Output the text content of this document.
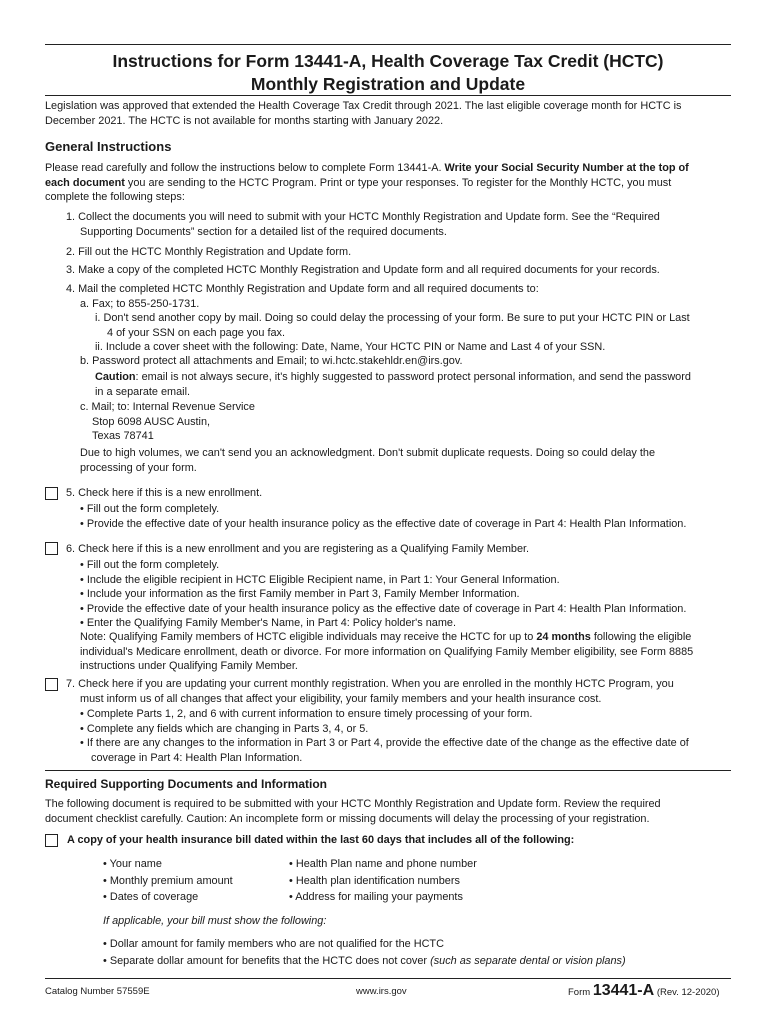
Instructions for Form 13441-A, Health Coverage Tax Credit (HCTC)
Monthly Registration and Update
Legislation was approved that extended the Health Coverage Tax Credit through 2021. The last eligible coverage month for HCTC is
December 2021. The HCTC is not available for months starting with January 2022.
General Instructions
Please read carefully and follow the instructions below to complete Form 13441-A. Write your Social Security Number at the top of
each document you are sending to the HCTC Program. Print or type your responses. To register for the Monthly HCTC, you must
complete the following steps:
1. Collect the documents you will need to submit with your HCTC Monthly Registration and Update form. See the “Required
Supporting Documents” section for a detailed list of the required documents.
2. Fill out the HCTC Monthly Registration and Update form.
3. Make a copy of the completed HCTC Monthly Registration and Update form and all required documents for your records.
4. Mail the completed HCTC Monthly Registration and Update form and all required documents to:
a. Fax; to 855-250-1731.
i. Don't send another copy by mail. Doing so could delay the processing of your form. Be sure to put your HCTC PIN or Last
4 of your SSN on each page you fax.
ii. Include a cover sheet with the following: Date, Name, Your HCTC PIN or Name and Last 4 of your SSN.
b. Password protect all attachments and Email; to wi.hctc.stakehldr.en@irs.gov.
Caution: email is not always secure, it's highly suggested to password protect personal information, and send the password
in a separate email.
c. Mail; to: Internal Revenue Service
Stop 6098 AUSC Austin,
Texas 78741
Due to high volumes, we can't send you an acknowledgment. Don't submit duplicate requests. Doing so could delay the
processing of your form.
5. Check here if this is a new enrollment.
• Fill out the form completely.
• Provide the effective date of your health insurance policy as the effective date of coverage in Part 4: Health Plan Information.
6. Check here if this is a new enrollment and you are registering as a Qualifying Family Member.
• Fill out the form completely.
• Include the eligible recipient in HCTC Eligible Recipient name, in Part 1: Your General Information.
• Include your information as the first Family member in Part 3, Family Member Information.
• Provide the effective date of your health insurance policy as the effective date of coverage in Part 4: Health Plan Information.
• Enter the Qualifying Family Member's Name, in Part 4: Policy holder's name.
Note: Qualifying Family members of HCTC eligible individuals may receive the HCTC for up to 24 months following the eligible
individual's Medicare enrollment, death or divorce. For more information on Qualifying Family Member eligibility, see Form 8885
instructions under Qualifying Family Member.
7. Check here if you are updating your current monthly registration. When you are enrolled in the monthly HCTC Program, you
must inform us of all changes that affect your eligibility, your family members and your health insurance cost.
• Complete Parts 1, 2, and 6 with current information to ensure timely processing of your form.
• Complete any fields which are changing in Parts 3, 4, or 5.
• If there are any changes to the information in Part 3 or Part 4, provide the effective date of the change as the effective date of
coverage in Part 4: Health Plan Information.
Required Supporting Documents and Information
The following document is required to be submitted with your HCTC Monthly Registration and Update form. Review the required
document checklist carefully. Caution: An incomplete form or missing documents will delay the processing of your registration.
A copy of your health insurance bill dated within the last 60 days that includes all of the following:
• Your name
• Monthly premium amount
• Dates of coverage
• Health Plan name and phone number
• Health plan identification numbers
• Address for mailing your payments
If applicable, your bill must show the following:
• Dollar amount for family members who are not qualified for the HCTC
• Separate dollar amount for benefits that the HCTC does not cover (such as separate dental or vision plans)
Catalog Number 57559E	www.irs.gov	Form 13441-A (Rev. 12-2020)
